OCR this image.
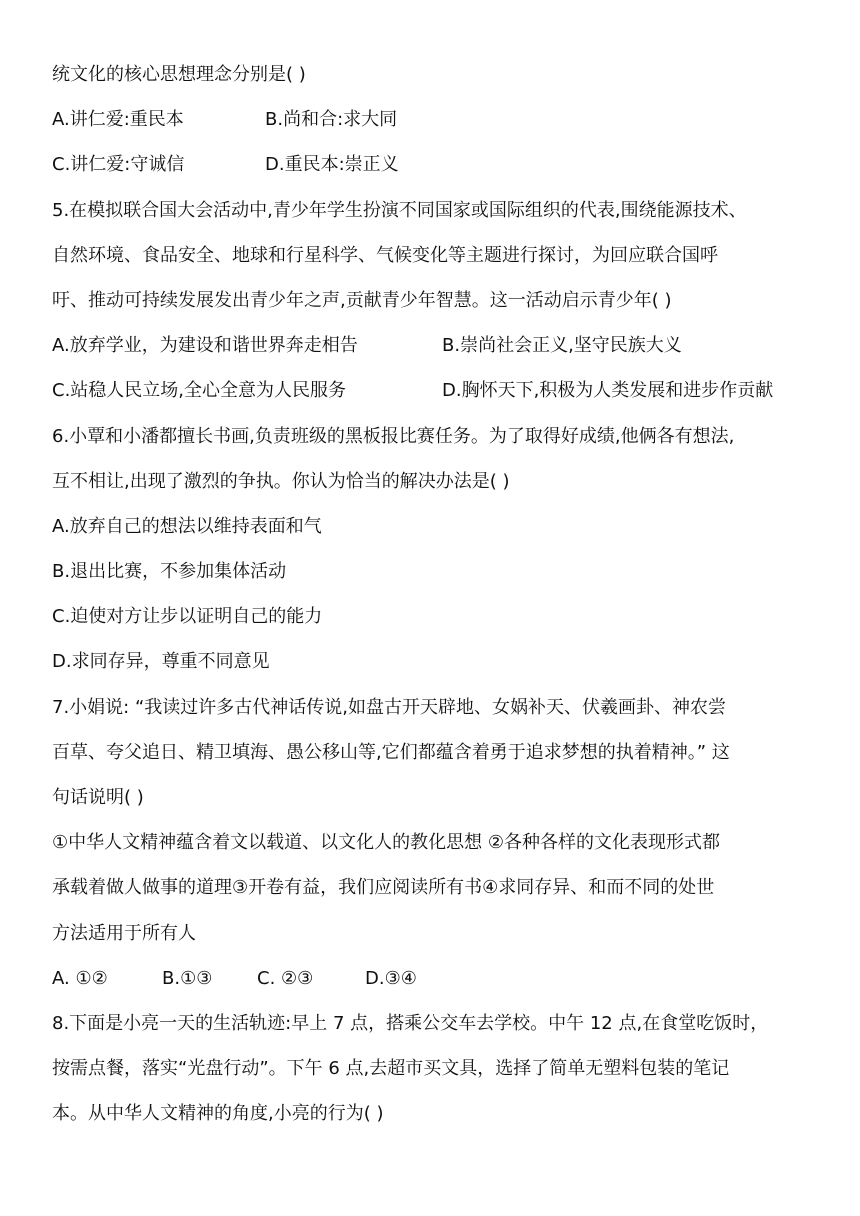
统文化的核心思想理念分别是( )
A.讲仁爱:重民本	B.尚和合:求大同
C.讲仁爱:守诚信	D.重民本:崇正义
5.在模拟联合国大会活动中,青少年学生扮演不同国家或国际组织的代表,围绕能源技术、
自然环境、食品安全、地球和行星科学、气候变化等主题进行探讨，为回应联合国呼
吁、推动可持续发展发出青少年之声,贡献青少年智慧。这一活动启示青少年( )
A.放弃学业，为建设和谐世界奔走相告	B.崇尚社会正义,坚守民族大义
C.站稳人民立场,全心全意为人民服务	D.胸怀天下,积极为人类发展和进步作贡献
6.小覃和小潘都擅长书画,负责班级的黑板报比赛任务。为了取得好成绩,他俩各有想法,
互不相让,出现了激烈的争执。你认为恰当的解决办法是( )
A.放弃自己的想法以维持表面和气
B.退出比赛，不参加集体活动
C.迫使对方让步以证明自己的能力
D.求同存异，尊重不同意见
7.小娟说: “我读过许多古代神话传说,如盘古开天辟地、女娲补天、伏羲画卦、神农尝
百草、夸父追日、精卫填海、愚公移山等,它们都蕴含着勇于追求梦想的执着精神。” 这
句话说明( )
①中华人文精神蕴含着文以载道、以文化人的教化思想 ②各种各样的文化表现形式都
承载着做人做事的道理③开卷有益，我们应阅读所有书④求同存异、和而不同的处世
方法适用于所有人
A. ①②	B.①③	C. ②③	D.③④
8.下面是小亮一天的生活轨迹:早上 7 点，搭乘公交车去学校。中午 12 点,在食堂吃饭时，
按需点餐，落实“光盘行动”。下午 6 点,去超市买文具，选择了简单无塑料包装的笔记
本。从中华人文精神的角度,小亮的行为( )
